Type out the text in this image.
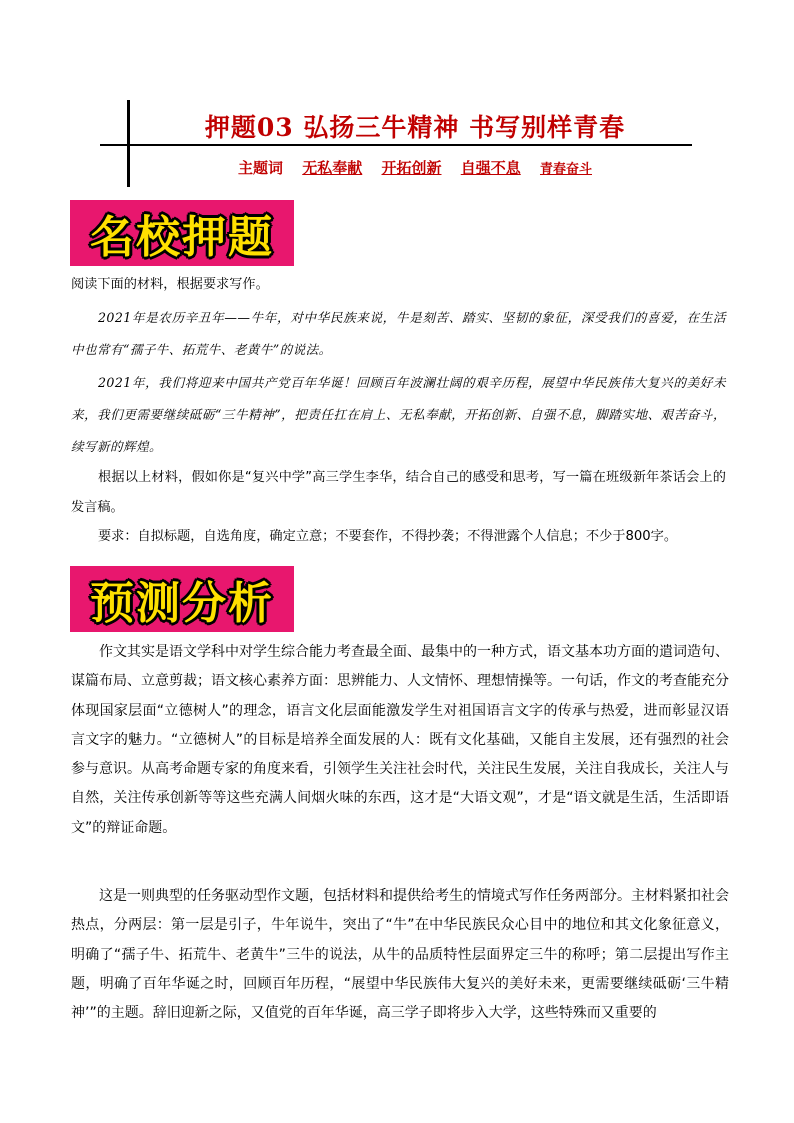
押题03 弘扬三牛精神 书写别样青春
主题词 无私奉献 开拓创新 自强不息 青春奋斗
名校押题
阅读下面的材料，根据要求写作。
2021年是农历辛丑年——牛年，对中华民族来说，牛是刻苦、踏实、坚韧的象征，深受我们的喜爱，在生活中也常有“孺子牛、拓荒牛、老黄牛”的说法。
2021年，我们将迎来中国共产党百年华诞！回顾百年波澜壮阔的艰辛历程，展望中华民族伟大复兴的美好未来，我们更需要继续砥砺“三牛精神”，把责任扛在肩上、无私奉献，开拓创新、自强不息，脚踏实地、艰苦奋斗，续写新的辉煌。
根据以上材料，假如你是“复兴中学”高三学生李华，结合自己的感受和思考，写一篇在班级新年茶话会上的发言稿。
要求：自拟标题，自选角度，确定立意；不要套作，不得抄袭；不得泄露个人信息；不少于800字。
预测分析
作文其实是语文学科中对学生综合能力考查最全面、最集中的一种方式，语文基本功方面的遣词造句、谋篇布局、立意剪裁；语文核心素养方面：思辨能力、人文情怀、理想情操等。一句话，作文的考查能充分体现国家层面“立德树人”的理念，语言文化层面能激发学生对祖国语言文字的传承与热爱，进而彰显汉语言文字的魅力。“立德树人”的目标是培养全面发展的人：既有文化基础，又能自主发展，还有强烈的社会参与意识。从高考命题专家的角度来看，引领学生关注社会时代，关注民生发展，关注自我成长，关注人与自然，关注传承创新等等这些充满人间烟火味的东西，这才是“大语文观”，才是“语文就是生活，生活即语文”的辩证命题。
这是一则典型的任务驱动型作文题，包括材料和提供给考生的情境式写作任务两部分。主材料紧扣社会热点，分两层：第一层是引子，牛年说牛，突出了“牛”在中华民族民众心目中的地位和其文化象征意义，明确了“孺子牛、拓荒牛、老黄牛”三牛的说法，从牛的品质特性层面界定三牛的称呼；第二层提出写作主题，明确了百年华诞之时，回顾百年历程，“展望中华民族伟大复兴的美好未来，更需要继续砥砺‘三牛精神’”的主题。辞旧迎新之际，又值党的百年华诞，高三学子即将步入大学，这些特殊而又重要的
